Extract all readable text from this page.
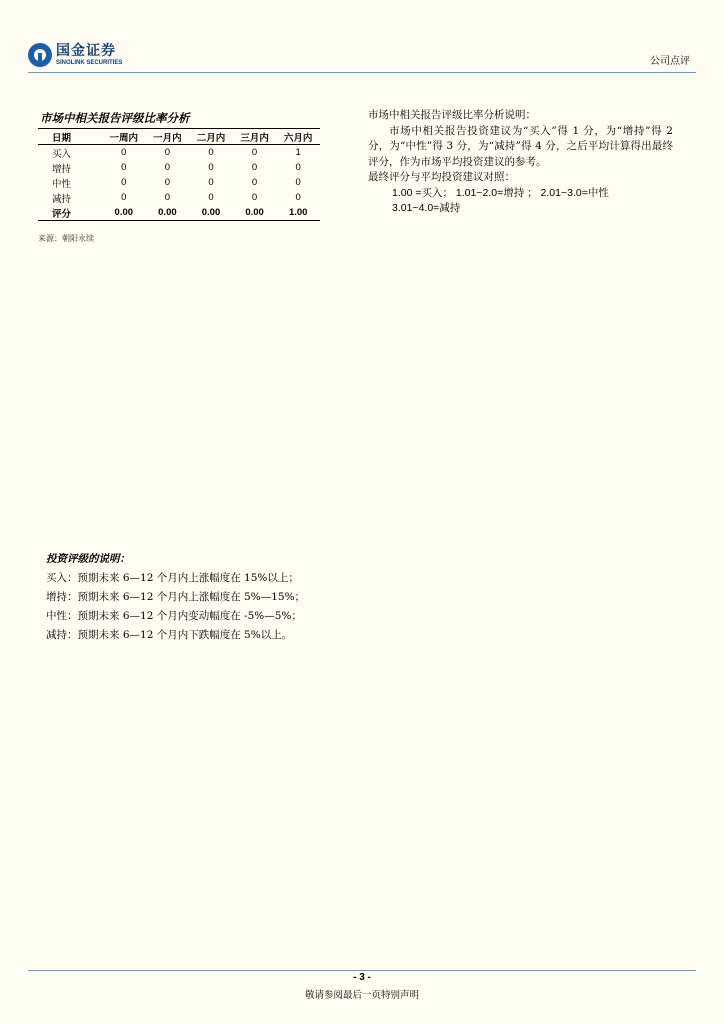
国金证券
SINOLINK SECURITIES	公司点评
市场中相关报告评级比率分析
日期	一周内	一月内	二月内	三月内	六月内
买入	0	0	0	0	1
增持	0	0	0	0	0
中性	0	0	0	0	0
减持	0	0	0	0	0
评分	0.00	0.00	0.00	0.00	1.00
来源：朝阳永续

市场中相关报告评级比率分析说明：

市场中相关报告投资建议为“买入”得 1 分，为“增持”得 2 分，为“中性”得 3 分，为“减持”得 4 分，之后平均计算得出最终评分，作为市场平均投资建议的参考。

最终评分与平均投资建议对照：

1.00 =买入； 1.01~2.0=增持 ； 2.01~3.0=中性

3.01~4.0=减持

投资评级的说明：
买入：预期未来 6—12 个月内上涨幅度在 15%以上；
增持：预期未来 6—12 个月内上涨幅度在 5%—15%；
中性：预期未来 6—12 个月内变动幅度在 -5%—5%；
减持：预期未来 6—12 个月内下跌幅度在 5%以上。
- 3 -
敬请参阅最后一页特别声明
